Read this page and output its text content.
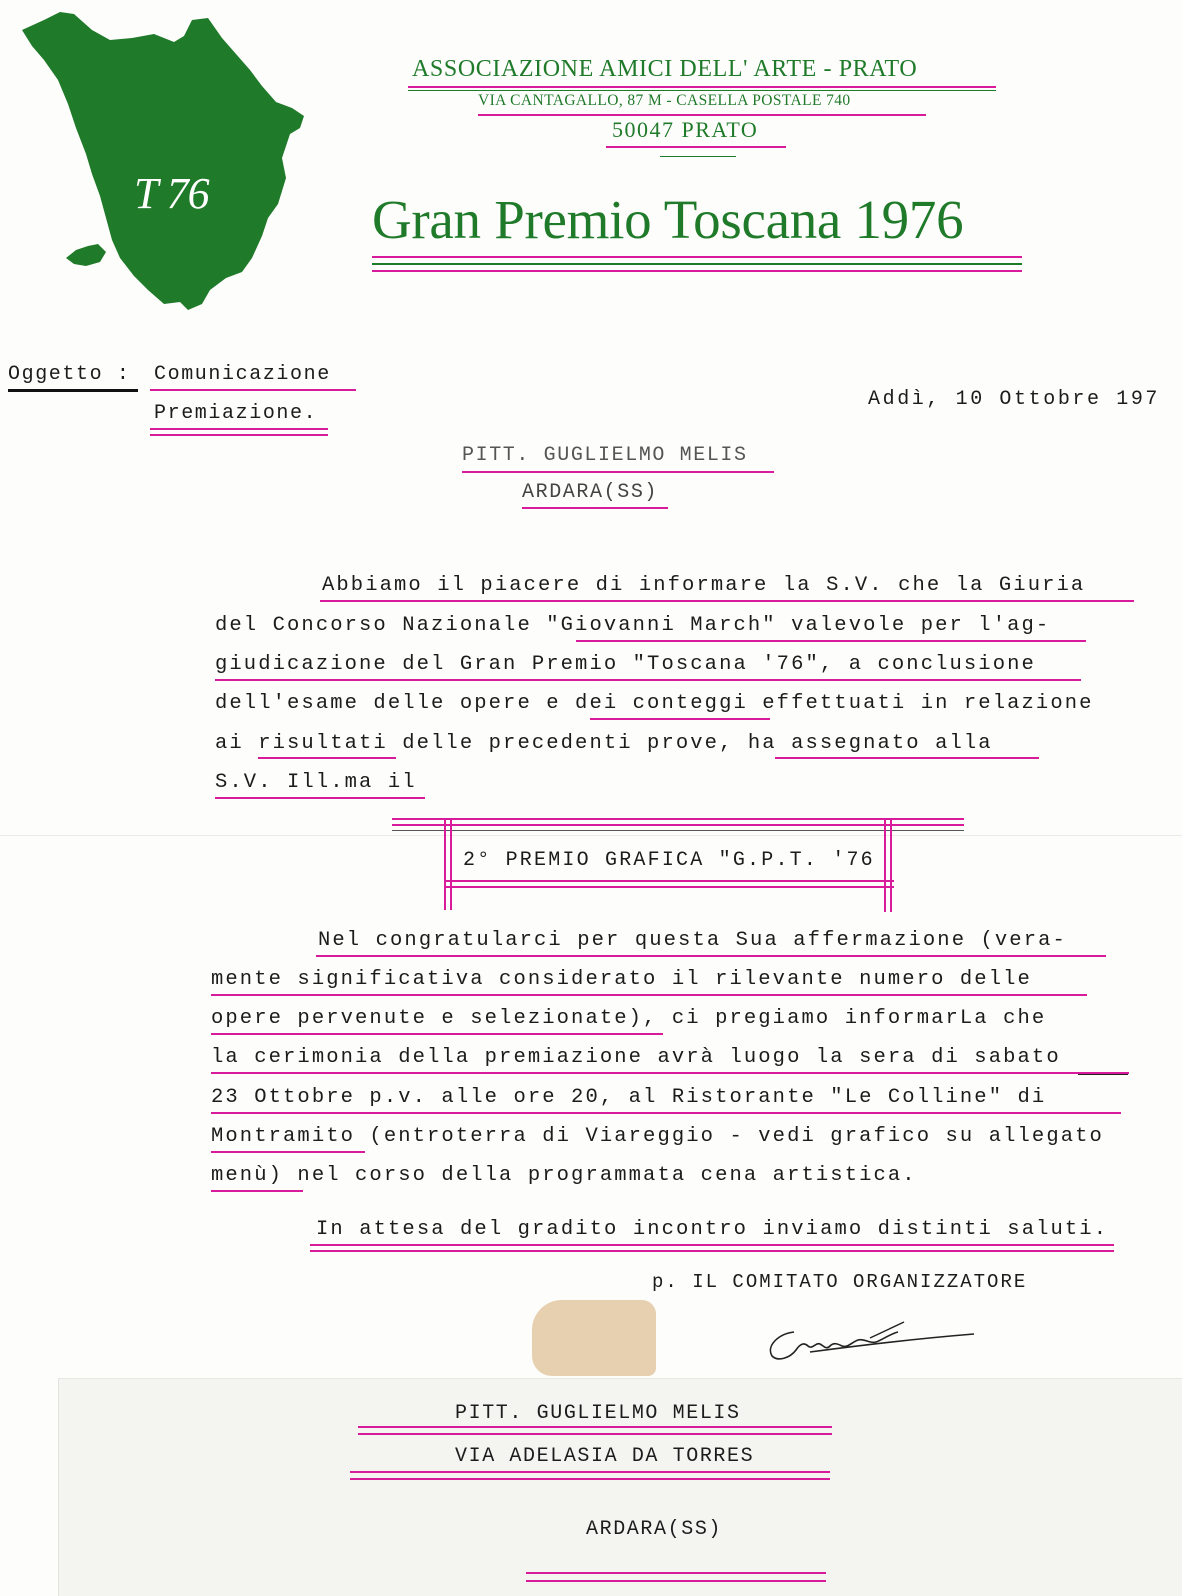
T 76
ASSOCIAZIONE AMICI DELL' ARTE - PRATO
VIA CANTAGALLO, 87 M - CASELLA POSTALE 740
50047 PRATO
Gran Premio Toscana 1976
Oggetto : Comunicazione
Premiazione.
Addì, 10 Ottobre 197
PITT. GUGLIELMO MELIS
ARDARA(SS)
Abbiamo il piacere di informare la S.V. che la Giuria
del Concorso Nazionale "Giovanni March" valevole per l'ag-
giudicazione del Gran Premio "Toscana '76", a conclusione
dell'esame delle opere e dei conteggi effettuati in relazione
ai risultati delle precedenti prove, ha assegnato alla
S.V. Ill.ma il
2° PREMIO GRAFICA "G.P.T. '76
Nel congratularci per questa Sua affermazione (vera-
mente significativa considerato il rilevante numero delle
opere pervenute e selezionate), ci pregiamo informarLa che
la cerimonia della premiazione avrà luogo la sera di sabato
23 Ottobre p.v. alle ore 20, al Ristorante "Le Colline" di
Montramito (entroterra di Viareggio - vedi grafico su allegato
menù) nel corso della programmata cena artistica.
In attesa del gradito incontro inviamo distinti saluti.
p. IL COMITATO ORGANIZZATORE
PITT. GUGLIELMO MELIS
VIA ADELASIA DA TORRES
ARDARA(SS)
